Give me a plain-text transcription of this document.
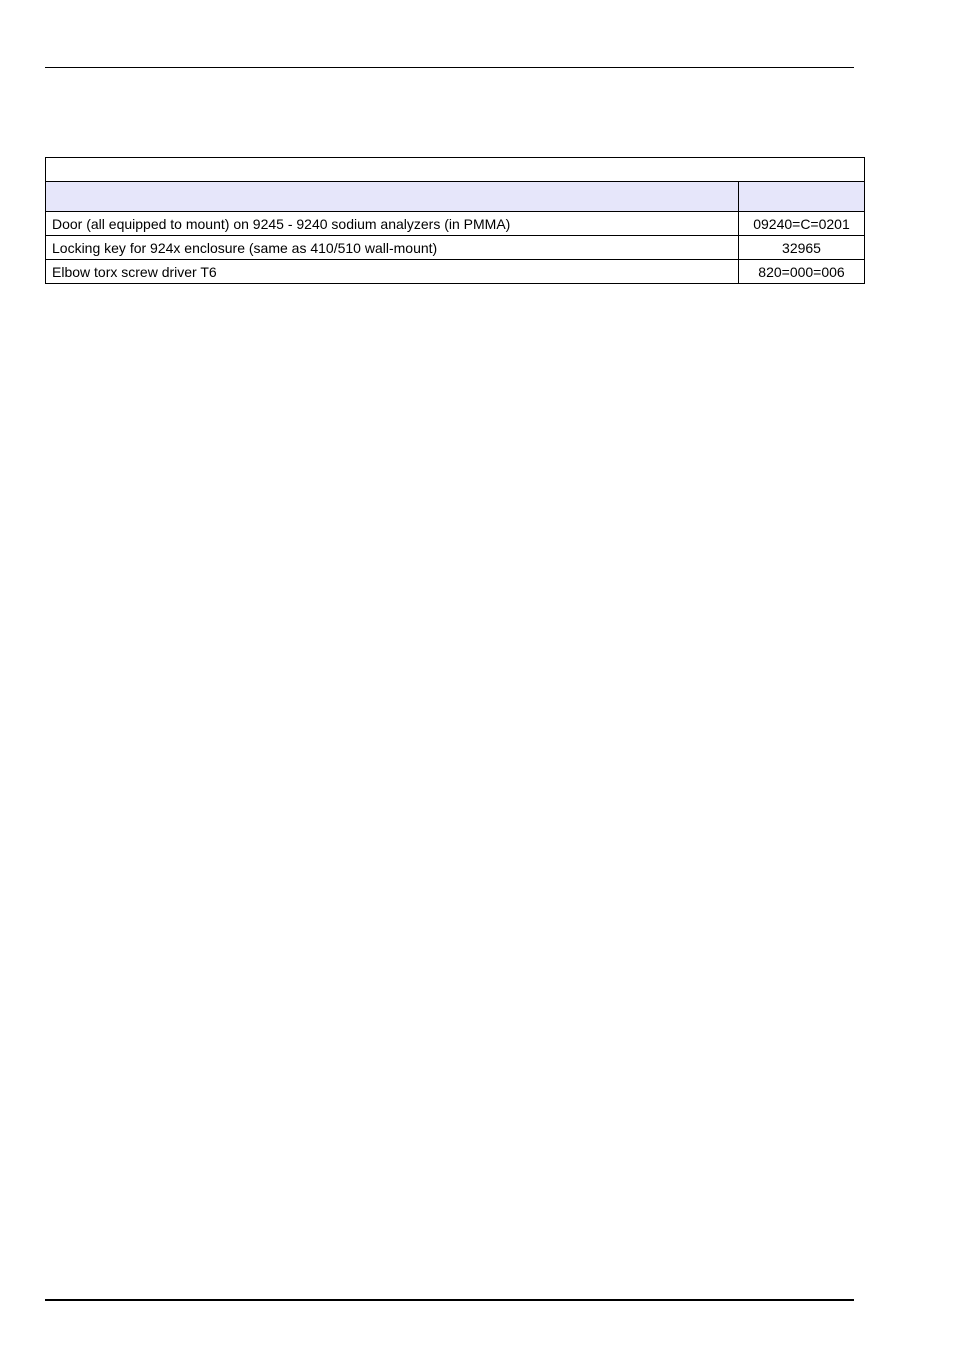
Door (all equipped to mount) on 9245 - 9240 sodium analyzers (in PMMA)	09240=C=0201
Locking key for 924x enclosure (same as 410/510 wall-mount)	32965
Elbow torx screw driver T6	820=000=006
